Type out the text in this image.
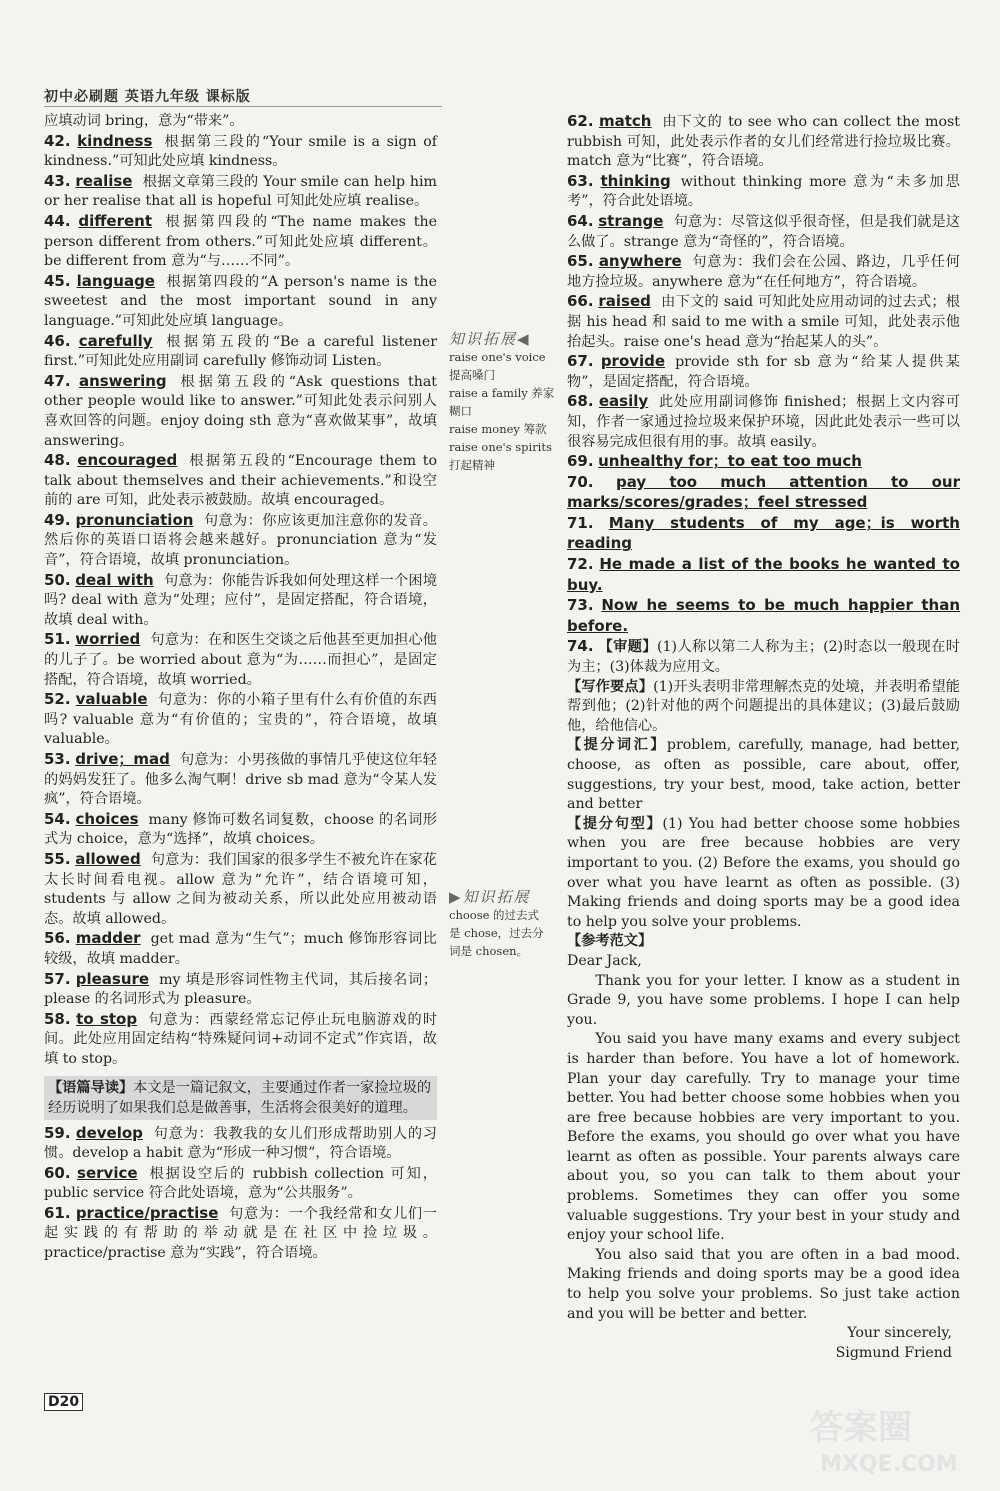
初中必刷题 英语九年级 课标版
应填动词 bring，意为“带来”。
42. kindness 根据第三段的“Your smile is a sign of kindness.”可知此处应填 kindness。
43. realise 根据文章第三段的 Your smile can help him or her realise that all is hopeful 可知此处应填 realise。
44. different 根据第四段的“The name makes the person different from others.”可知此处应填 different。be different from 意为“与……不同”。
45. language 根据第四段的“A person's name is the sweetest and the most important sound in any language.”可知此处应填 language。
46. carefully 根据第五段的“Be a careful listener first.”可知此处应用副词 carefully 修饰动词 Listen。
47. answering 根据第五段的“Ask questions that other people would like to answer.”可知此处表示问别人喜欢回答的问题。enjoy doing sth 意为“喜欢做某事”，故填 answering。
48. encouraged 根据第五段的“Encourage them to talk about themselves and their achievements.”和设空前的 are 可知，此处表示被鼓励。故填 encouraged。
49. pronunciation 句意为：你应该更加注意你的发音。然后你的英语口语将会越来越好。pronunciation 意为“发音”，符合语境，故填 pronunciation。
50. deal with 句意为：你能告诉我如何处理这样一个困境吗? deal with 意为“处理；应付”，是固定搭配，符合语境，故填 deal with。
51. worried 句意为：在和医生交谈之后他甚至更加担心他的儿子了。be worried about 意为“为……而担心”，是固定搭配，符合语境，故填 worried。
52. valuable 句意为：你的小箱子里有什么有价值的东西吗? valuable 意为“有价值的；宝贵的”，符合语境，故填 valuable。
53. drive；mad 句意为：小男孩做的事情几乎使这位年轻的妈妈发狂了。他多么淘气啊！drive sb mad 意为“令某人发疯”，符合语境。
54. choices many 修饰可数名词复数，choose 的名词形式为 choice，意为“选择”，故填 choices。
55. allowed 句意为：我们国家的很多学生不被允许在家花太长时间看电视。allow 意为“允许”，结合语境可知，students 与 allow 之间为被动关系，所以此处应用被动语态。故填 allowed。
56. madder get mad 意为“生气”；much 修饰形容词比较级，故填 madder。
57. pleasure my 填是形容词性物主代词，其后接名词；please 的名词形式为 pleasure。
58. to stop 句意为：西蒙经常忘记停止玩电脑游戏的时间。此处应用固定结构“特殊疑问词+动词不定式”作宾语，故填 to stop。
【语篇导读】本文是一篇记叙文，主要通过作者一家捡垃圾的经历说明了如果我们总是做善事，生活将会很美好的道理。
59. develop 句意为：我教我的女儿们形成帮助别人的习惯。develop a habit 意为“形成一种习惯”，符合语境。
60. service 根据设空后的 rubbish collection 可知，public service 符合此处语境，意为“公共服务”。
61. practice/practise 句意为：一个我经常和女儿们一起实践的有帮助的举动就是在社区中捡垃圾。practice/practise 意为“实践”，符合语境。
62. match 由下文的 to see who can collect the most rubbish 可知，此处表示作者的女儿们经常进行捡垃圾比赛。match 意为“比赛”，符合语境。
63. thinking without thinking more 意为“未多加思考”，符合此处语境。
64. strange 句意为：尽管这似乎很奇怪，但是我们就是这么做了。strange 意为“奇怪的”，符合语境。
65. anywhere 句意为：我们会在公园、路边，几乎任何地方捡垃圾。anywhere 意为“在任何地方”，符合语境。
66. raised 由下文的 said 可知此处应用动词的过去式；根据 his head 和 said to me with a smile 可知，此处表示他抬起头。raise one's head 意为“抬起某人的头”。
67. provide provide sth for sb 意为“给某人提供某物”，是固定搭配，符合语境。
68. easily 此处应用副词修饰 finished；根据上文内容可知，作者一家通过捡垃圾来保护环境，因此此处表示一些可以很容易完成但很有用的事。故填 easily。
69. unhealthy for；to eat too much
70. pay too much attention to our marks/scores/grades；feel stressed
71. Many students of my age；is worth reading
72. He made a list of the books he wanted to buy.
73. Now he seems to be much happier than before.
74. 【审题】(1)人称以第二人称为主；(2)时态以一般现在时为主；(3)体裁为应用文。
【写作要点】(1)开头表明非常理解杰克的处境，并表明希望能帮到他；(2)针对他的两个问题提出的具体建议；(3)最后鼓励他，给他信心。
【提分词汇】problem, carefully, manage, had better, choose, as often as possible, care about, offer, suggestions, try your best, mood, take action, better and better
【提分句型】(1) You had better choose some hobbies when you are free because hobbies are very important to you. (2) Before the exams, you should go over what you have learnt as often as possible. (3) Making friends and doing sports may be a good idea to help you solve your problems.
【参考范文】

Dear Jack,

Thank you for your letter. I know as a student in Grade 9, you have some problems. I hope I can help you.

You said you have many exams and every subject is harder than before. You have a lot of homework. Plan your day carefully. Try to manage your time better. You had better choose some hobbies when you are free because hobbies are very important to you. Before the exams, you should go over what you have learnt as often as possible. Your parents always care about you, so you can talk to them about your problems. Sometimes they can offer you some valuable suggestions. Try your best in your study and enjoy your school life.

You also said that you are often in a bad mood. Making friends and doing sports may be a good idea to help you solve your problems. So just take action and you will be better and better.

Your sincerely,
Sigmund Friend
知识拓展◀
raise one's voice
提高嗓门
raise a family 养家糊口
raise money 筹款
raise one's spirits
打起精神
▶知识拓展
choose 的过去式
是 chose，过去分
词是 chosen。
D20
答案圈
MXQE.COM
